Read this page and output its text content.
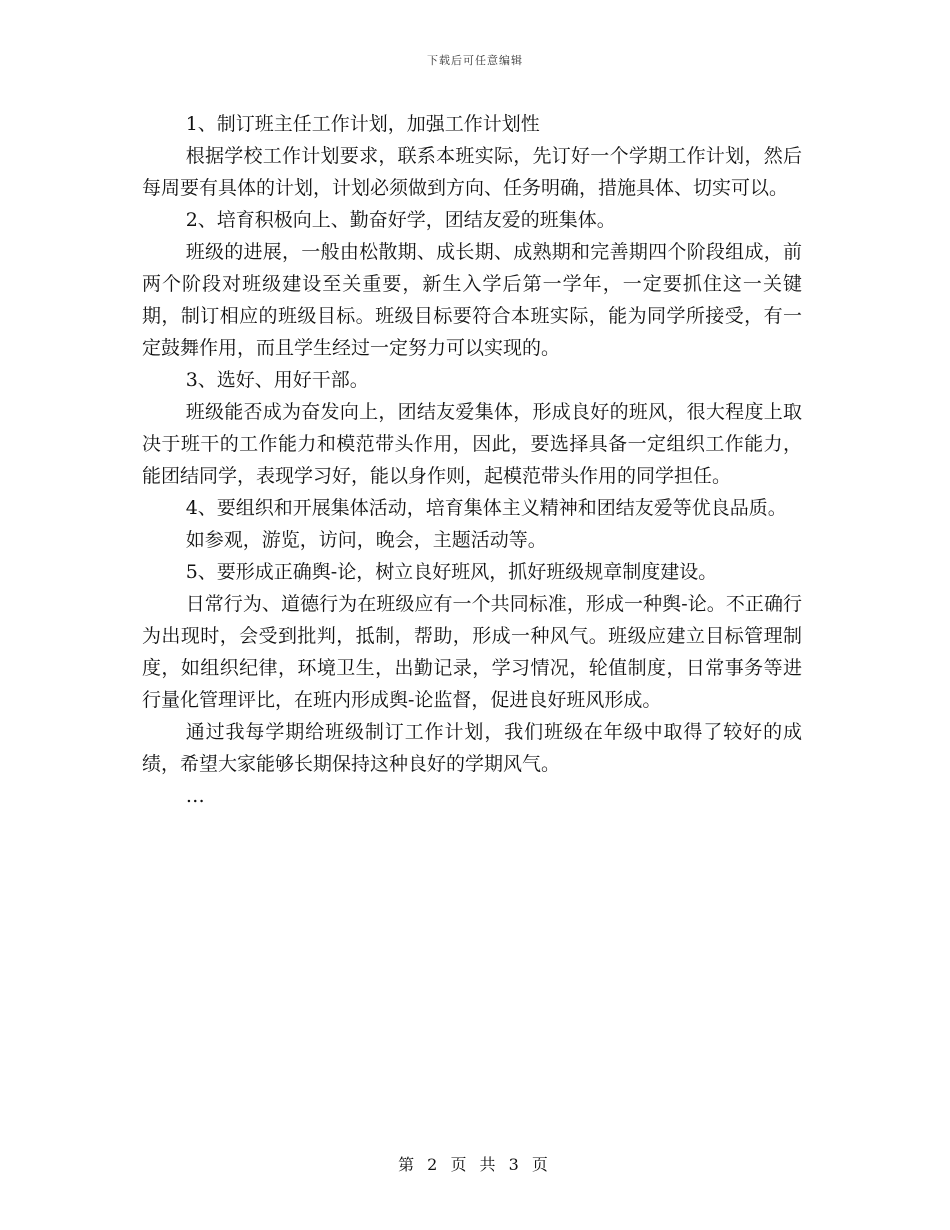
下载后可任意编辑

1、制订班主任工作计划，加强工作计划性

根据学校工作计划要求，联系本班实际，先订好一个学期工作计划，然后每周要有具体的计划，计划必须做到方向、任务明确，措施具体、切实可以。

2、培育积极向上、勤奋好学，团结友爱的班集体。

班级的进展，一般由松散期、成长期、成熟期和完善期四个阶段组成，前两个阶段对班级建设至关重要，新生入学后第一学年，一定要抓住这一关键期，制订相应的班级目标。班级目标要符合本班实际，能为同学所接受，有一定鼓舞作用，而且学生经过一定努力可以实现的。

3、选好、用好干部。

班级能否成为奋发向上，团结友爱集体，形成良好的班风，很大程度上取决于班干的工作能力和模范带头作用，因此，要选择具备一定组织工作能力，能团结同学，表现学习好，能以身作则，起模范带头作用的同学担任。

4、要组织和开展集体活动，培育集体主义精神和团结友爱等优良品质。

如参观，游览，访问，晚会，主题活动等。

5、要形成正确舆-论，树立良好班风，抓好班级规章制度建设。

日常行为、道德行为在班级应有一个共同标准，形成一种舆-论。不正确行为出现时，会受到批判，抵制，帮助，形成一种风气。班级应建立目标管理制度，如组织纪律，环境卫生，出勤记录，学习情况，轮值制度，日常事务等进行量化管理评比，在班内形成舆-论监督，促进良好班风形成。

通过我每学期给班级制订工作计划，我们班级在年级中取得了较好的成绩，希望大家能够长期保持这种良好的学期风气。

…

第 2 页 共 3 页
